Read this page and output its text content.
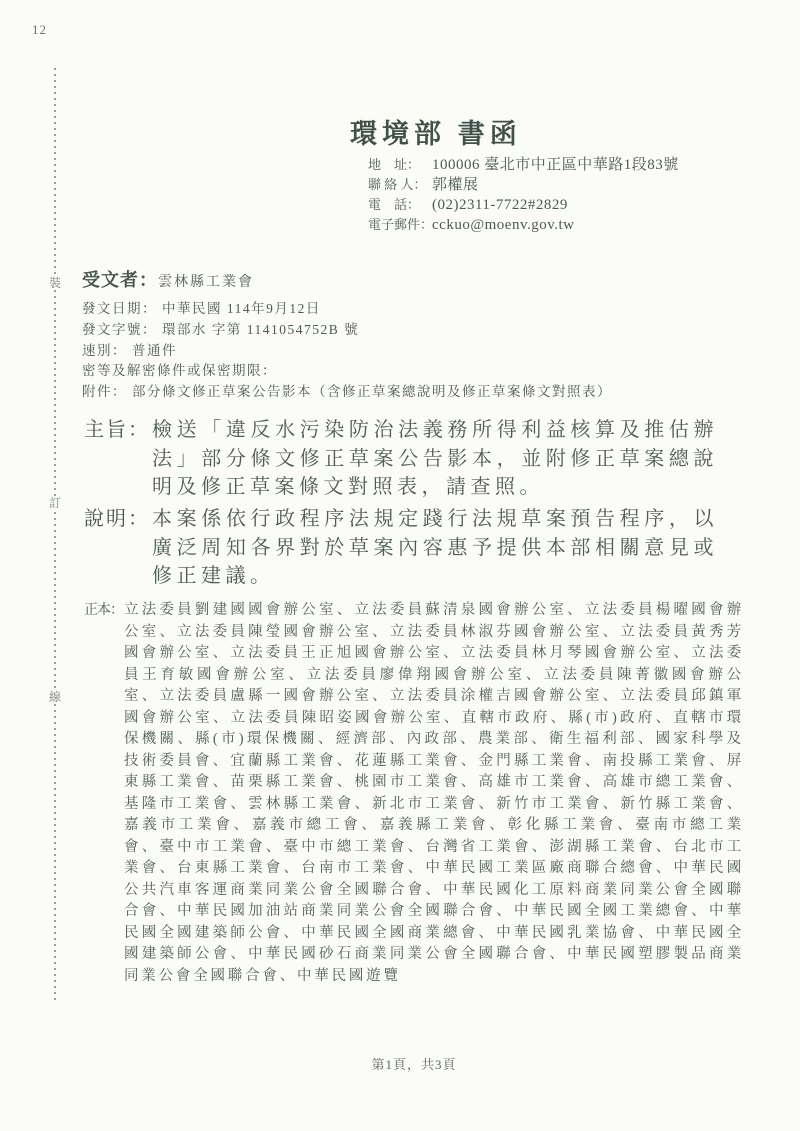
12
裝
訂
線
環境部 書函
地　址： 100006 臺北市中正區中華路1段83號
聯 絡 人： 郭權展
電　話： (02)2311-7722#2829
電子郵件：cckuo@moenv.gov.tw
受文者：雲林縣工業會
發文日期： 中華民國 114年9月12日
發文字號： 環部水 字第 1141054752B 號
速別： 普通件
密等及解密條件或保密期限：
附件： 部分條文修正草案公告影本（含修正草案總說明及修正草案條文對照表）
主旨： 檢送「違反水污染防治法義務所得利益核算及推估辦法」部分條文修正草案公告影本，並附修正草案總說明及修正草案條文對照表，請查照。
說明： 本案係依行政程序法規定踐行法規草案預告程序，以廣泛周知各界對於草案內容惠予提供本部相關意見或修正建議。
正本： 立法委員劉建國國會辦公室、立法委員蘇清泉國會辦公室、立法委員楊曜國會辦公室、立法委員陳瑩國會辦公室、立法委員林淑芬國會辦公室、立法委員黃秀芳國會辦公室、立法委員王正旭國會辦公室、立法委員林月琴國會辦公室、立法委員王育敏國會辦公室、立法委員廖偉翔國會辦公室、立法委員陳菁徽國會辦公室、立法委員盧縣一國會辦公室、立法委員涂權吉國會辦公室、立法委員邱鎮軍國會辦公室、立法委員陳昭姿國會辦公室、直轄市政府、縣(市)政府、直轄市環保機關、縣(市)環保機關、經濟部、內政部、農業部、衛生福利部、國家科學及技術委員會、宜蘭縣工業會、花蓮縣工業會、金門縣工業會、南投縣工業會、屏東縣工業會、苗栗縣工業會、桃園市工業會、高雄市工業會、高雄市總工業會、基隆市工業會、雲林縣工業會、新北市工業會、新竹市工業會、新竹縣工業會、嘉義市工業會、嘉義市總工會、嘉義縣工業會、彰化縣工業會、臺南市總工業會、臺中市工業會、臺中市總工業會、台灣省工業會、澎湖縣工業會、台北市工業會、台東縣工業會、台南市工業會、中華民國工業區廠商聯合總會、中華民國公共汽車客運商業同業公會全國聯合會、中華民國化工原料商業同業公會全國聯合會、中華民國加油站商業同業公會全國聯合會、中華民國全國工業總會、中華民國全國建築師公會、中華民國全國商業總會、中華民國乳業協會、中華民國全國建築師公會、中華民國砂石商業同業公會全國聯合會、中華民國塑膠製品商業同業公會全國聯合會、中華民國遊覽
第1頁，共3頁
